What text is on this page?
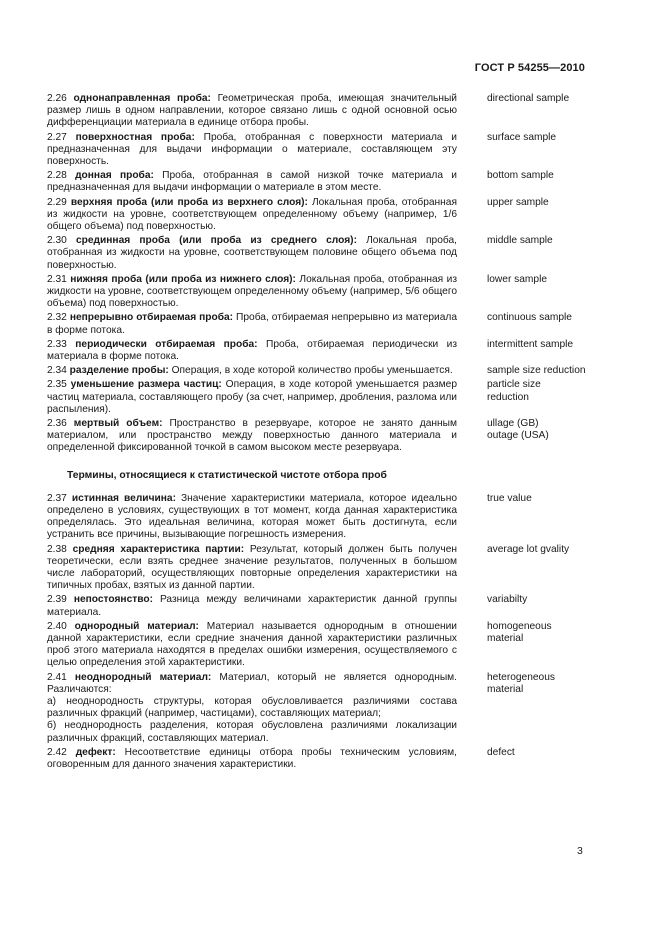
ГОСТ Р 54255—2010
2.26 однонаправленная проба: Геометрическая проба, имеющая значительный размер лишь в одном направлении, которое связано лишь с одной основной осью дифференциации материала в единице отбора пробы.
directional sample
2.27 поверхностная проба: Проба, отобранная с поверхности материала и предназначенная для выдачи информации о материале, составляющем эту поверхность.
surface sample
2.28 донная проба: Проба, отобранная в самой низкой точке материала и предназначенная для выдачи информации о материале в этом месте.
bottom sample
2.29 верхняя проба (или проба из верхнего слоя): Локальная проба, отобранная из жидкости на уровне, соответствующем определенному объему (например, 1/6 общего объема) под поверхностью.
upper sample
2.30 срединная проба (или проба из среднего слоя): Локальная проба, отобранная из жидкости на уровне, соответствующем половине общего объема под поверхностью.
middle sample
2.31 нижняя проба (или проба из нижнего слоя): Локальная проба, отобранная из жидкости на уровне, соответствующем определенному объему (например, 5/6 общего объема) под поверхностью.
lower sample
2.32 непрерывно отбираемая проба: Проба, отбираемая непрерывно из материала в форме потока.
continuous sample
2.33 периодически отбираемая проба: Проба, отбираемая периодически из материала в форме потока.
intermittent sample
2.34 разделение пробы: Операция, в ходе которой количество пробы уменьшается.	sample size reduction
2.35 уменьшение размера частиц: Операция, в ходе которой уменьшается размер частиц материала, составляющего пробу (за счет, например, дробления, разлома или распыления).
particle size
reduction
2.36 мертвый объем: Пространство в резервуаре, которое не занято данным материалом, или пространство между поверхностью данного материала и определенной фиксированной точкой в самом высоком месте резервуара.
ullage (GB)
outage (USA)
Термины, относящиеся к статистической чистоте отбора проб
2.37 истинная величина: Значение характеристики материала, которое идеально определено в условиях, существующих в тот момент, когда данная характеристика определялась. Это идеальная величина, которая может быть достигнута, если устранить все причины, вызывающие погрешность измерения.
true value
2.38 средняя характеристика партии: Результат, который должен быть получен теоретически, если взять среднее значение результатов, полученных в большом числе лабораторий, осуществляющих повторные определения характеристики на типичных пробах, взятых из данной партии.
average lot gvality
2.39 непостоянство: Разница между величинами характеристик данной группы материала.
variabilty
2.40 однородный материал: Материал называется однородным в отношении данной характеристики, если средние значения данной характеристики различных проб этого материала находятся в пределах ошибки измерения, осуществляемого с целью определения этой характеристики.
homogeneous
material
2.41 неоднородный материал: Материал, который не является однородным. Различаются:
а) неоднородность структуры, которая обусловливается различиями состава различных фракций (например, частицами), составляющих материал;
б) неоднородность разделения, которая обусловлена различиями локализации различных фракций, составляющих материал.
heterogeneous
material
2.42 дефект: Несоответствие единицы отбора пробы техническим условиям, оговоренным для данного значения характеристики.
defect
3
